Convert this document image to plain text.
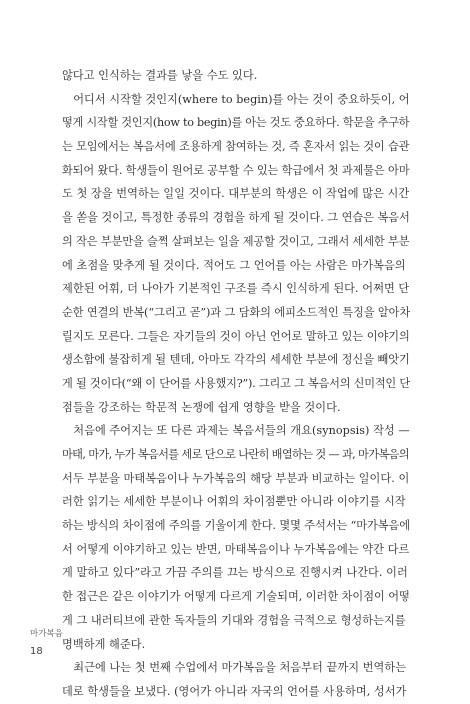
않다고 인식하는 결과를 낳을 수도 있다.
　어디서 시작할 것인지(where to begin)를 아는 것이 중요하듯이, 어
떻게 시작할 것인지(how to begin)를 아는 것도 중요하다. 학문을 추구하
는 모임에서는 복음서에 조용하게 참여하는 것, 즉 혼자서 읽는 것이 습관
화되어 왔다. 학생들이 원어로 공부할 수 있는 학급에서 첫 과제물은 아마
도 첫 장을 번역하는 일일 것이다. 대부분의 학생은 이 작업에 많은 시간
을 쏟을 것이고, 특정한 종류의 경험을 하게 될 것이다. 그 연습은 복음서
의 작은 부분만을 슬쩍 살펴보는 일을 제공할 것이고, 그래서 세세한 부분
에 초점을 맞추게 될 것이다. 적어도 그 언어를 아는 사람은 마가복음의
제한된 어휘, 더 나아가 기본적인 구조를 즉시 인식하게 된다. 어쩌면 단
순한 연결의 반복(“그리고 곧”)과 그 담화의 에피소드적인 특징을 알아차
릴지도 모른다. 그들은 자기들의 것이 아닌 언어로 말하고 있는 이야기의
생소함에 불잡히게 될 텐데, 아마도 각각의 세세한 부분에 정신을 빼앗기
게 될 것이다(“왜 이 단어를 사용했지?”). 그리고 그 복음서의 신미적인 단
점들을 강조하는 학문적 논쟁에 쉽게 영향을 받을 것이다.
　처음에 주어지는 또 다른 과제는 복음서들의 개요(synopsis) 작성 —
마태, 마가, 누가 복음서를 세로 단으로 나란히 배열하는 것 — 과, 마가복음의
서두 부분을 마태복음이나 누가복음의 해당 부분과 비교하는 일이다. 이
러한 읽기는 세세한 부분이나 어휘의 차이점뿐만 아니라 이야기를 시작
하는 방식의 차이점에 주의를 기울이게 한다. 몇몇 주석서는 “마가복음에
서 어떻게 이야기하고 있는 반면, 마태복음이나 누가복음에는 약간 다르
게 말하고 있다”라고 가끔 주의를 끄는 방식으로 진행시켜 나간다. 이러
한 접근은 같은 이야기가 어떻게 다르게 기술되며, 이러한 차이점이 어떻
게 그 내러티브에 관한 독자들의 기대와 경험을 극적으로 형성하는지를
명백하게 해준다.
　최근에 나는 첫 번째 수업에서 마가복음을 처음부터 끝까지 번역하는
데로 학생들을 보냈다. (영어가 아니라 자국의 언어를 사용하며, 성서가
마가복음
18
